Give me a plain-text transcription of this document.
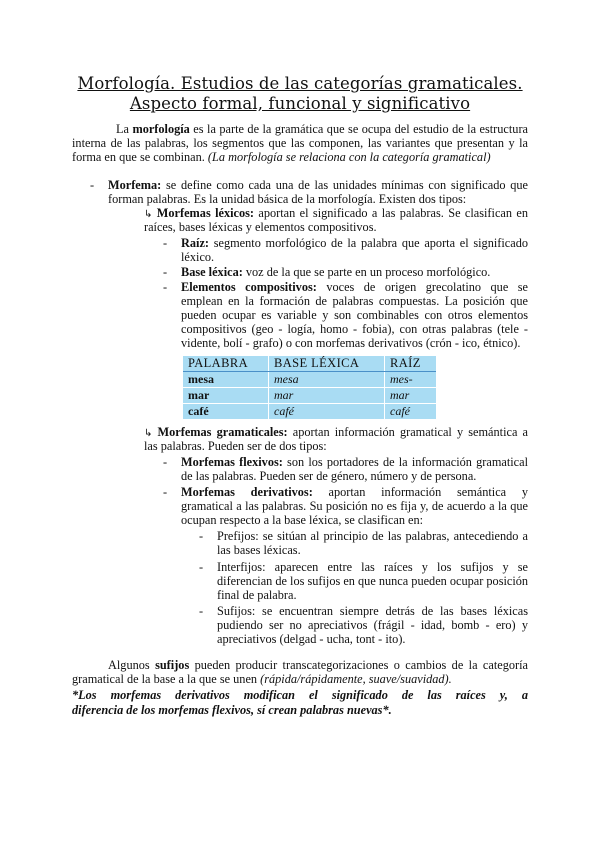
Morfología. Estudios de las categorías gramaticales.
Aspecto formal, funcional y significativo
La morfología es la parte de la gramática que se ocupa del estudio de la estructura
interna de las palabras, los segmentos que las componen, las variantes que presentan y la
forma en que se combinan. (La morfología se relaciona con la categoría gramatical)
- Morfema: se define como cada una de las unidades mínimas con significado que
forman palabras. Es la unidad básica de la morfología. Existen dos tipos:
↳ Morfemas léxicos: aportan el significado a las palabras. Se clasifican en
raíces, bases léxicas y elementos compositivos.
- Raíz: segmento morfológico de la palabra que aporta el significado
léxico.
- Base léxica: voz de la que se parte en un proceso morfológico.
- Elementos compositivos: voces de origen grecolatino que se
emplean en la formación de palabras compuestas. La posición que
pueden ocupar es variable y son combinables con otros elementos
compositivos (geo - logía, homo - fobia), con otras palabras (tele -
vidente, bolí - grafo) o con morfemas derivativos (crón - ico, étnico).
PALABRA	BASE LÉXICA	RAÍZ
mesa	mesa	mes-
mar	mar	mar
café	café	café
↳ Morfemas gramaticales: aportan información gramatical y semántica a
las palabras. Pueden ser de dos tipos:
- Morfemas flexivos: son los portadores de la información gramatical
de las palabras. Pueden ser de género, número y de persona.
- Morfemas derivativos: aportan información semántica y
gramatical a las palabras. Su posición no es fija y, de acuerdo a la que
ocupan respecto a la base léxica, se clasifican en:
- Prefijos: se sitúan al principio de las palabras, antecediendo a
las bases léxicas.
- Interfijos: aparecen entre las raíces y los sufijos y se
diferencian de los sufijos en que nunca pueden ocupar posición
final de palabra.
- Sufijos: se encuentran siempre detrás de las bases léxicas
pudiendo ser no apreciativos (frágil - idad, bomb - ero) y
apreciativos (delgad - ucha, tont - ito).
Algunos sufijos pueden producir transcategorizaciones o cambios de la categoría
gramatical de la base a la que se unen (rápida/rápidamente, suave/suavidad).
*Los morfemas derivativos modifican el significado de las raíces y, a
diferencia de los morfemas flexivos, sí crean palabras nuevas*.
